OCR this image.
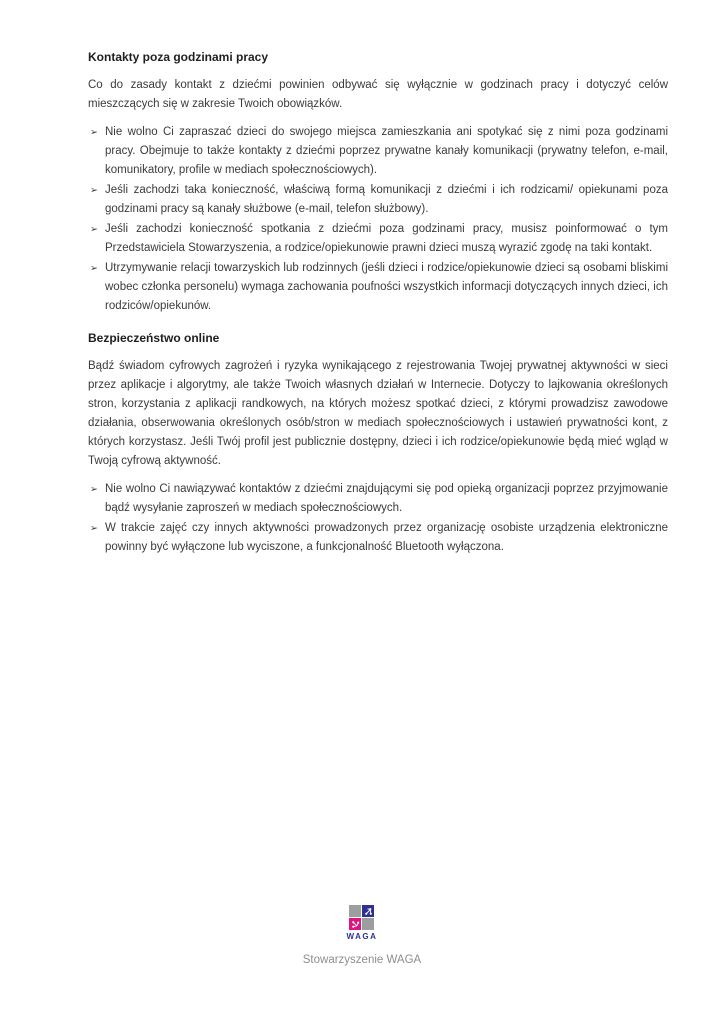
Kontakty poza godzinami pracy

Co do zasady kontakt z dziećmi powinien odbywać się wyłącznie w godzinach pracy i dotyczyć celów mieszczących się w zakresie Twoich obowiązków.

➢ Nie wolno Ci zapraszać dzieci do swojego miejsca zamieszkania ani spotykać się z nimi poza godzinami pracy. Obejmuje to także kontakty z dziećmi poprzez prywatne kanały komunikacji (prywatny telefon, e-mail, komunikatory, profile w mediach społecznościowych).
➢ Jeśli zachodzi taka konieczność, właściwą formą komunikacji z dziećmi i ich rodzicami/ opiekunami poza godzinami pracy są kanały służbowe (e-mail, telefon służbowy).
➢ Jeśli zachodzi konieczność spotkania z dziećmi poza godzinami pracy, musisz poinformować o tym Przedstawiciela Stowarzyszenia, a rodzice/opiekunowie prawni dzieci muszą wyrazić zgodę na taki kontakt.
➢ Utrzymywanie relacji towarzyskich lub rodzinnych (jeśli dzieci i rodzice/opiekunowie dzieci są osobami bliskimi wobec członka personelu) wymaga zachowania poufności wszystkich informacji dotyczących innych dzieci, ich rodziców/opiekunów.
Bezpieczeństwo online

Bądź świadom cyfrowych zagrożeń i ryzyka wynikającego z rejestrowania Twojej prywatnej aktywności w sieci przez aplikacje i algorytmy, ale także Twoich własnych działań w Internecie. Dotyczy to lajkowania określonych stron, korzystania z aplikacji randkowych, na których możesz spotkać dzieci, z którymi prowadzisz zawodowe działania, obserwowania określonych osób/stron w mediach społecznościowych i ustawień prywatności kont, z których korzystasz. Jeśli Twój profil jest publicznie dostępny, dzieci i ich rodzice/opiekunowie będą mieć wgląd w Twoją cyfrową aktywność.

➢ Nie wolno Ci nawiązywać kontaktów z dziećmi znajdującymi się pod opieką organizacji poprzez przyjmowanie bądź wysyłanie zaproszeń w mediach społecznościowych.
➢ W trakcie zajęć czy innych aktywności prowadzonych przez organizację osobiste urządzenia elektroniczne powinny być wyłączone lub wyciszone, a funkcjonalność Bluetooth wyłączona.
WAGA
Stowarzyszenie WAGA
